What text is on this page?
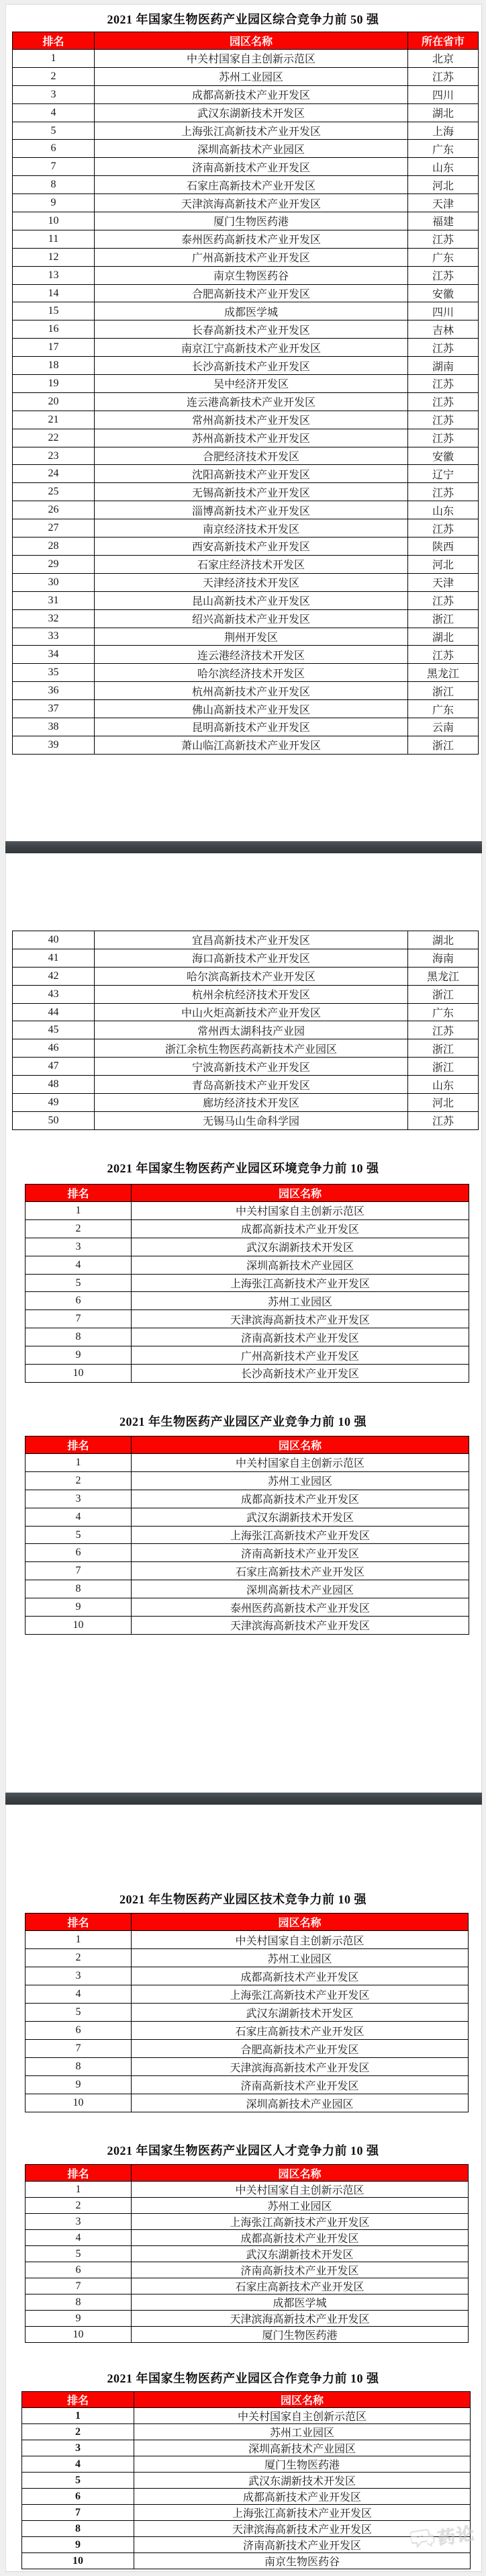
2021 年国家生物医药产业园区综合竞争力前 50 强
排名	园区名称	所在省市
1	中关村国家自主创新示范区	北京
2	苏州工业园区	江苏
3	成都高新技术产业开发区	四川
4	武汉东湖新技术开发区	湖北
5	上海张江高新技术产业开发区	上海
6	深圳高新技术产业园区	广东
7	济南高新技术产业开发区	山东
8	石家庄高新技术产业开发区	河北
9	天津滨海高新技术产业开发区	天津
10	厦门生物医药港	福建
11	泰州医药高新技术产业开发区	江苏
12	广州高新技术产业开发区	广东
13	南京生物医药谷	江苏
14	合肥高新技术产业开发区	安徽
15	成都医学城	四川
16	长春高新技术产业开发区	吉林
17	南京江宁高新技术产业开发区	江苏
18	长沙高新技术产业开发区	湖南
19	吴中经济开发区	江苏
20	连云港高新技术产业开发区	江苏
21	常州高新技术产业开发区	江苏
22	苏州高新技术产业开发区	江苏
23	合肥经济技术开发区	安徽
24	沈阳高新技术产业开发区	辽宁
25	无锡高新技术产业开发区	江苏
26	淄博高新技术产业开发区	山东
27	南京经济技术开发区	江苏
28	西安高新技术产业开发区	陕西
29	石家庄经济技术开发区	河北
30	天津经济技术开发区	天津
31	昆山高新技术产业开发区	江苏
32	绍兴高新技术产业开发区	浙江
33	荆州开发区	湖北
34	连云港经济技术开发区	江苏
35	哈尔滨经济技术开发区	黑龙江
36	杭州高新技术产业开发区	浙江
37	佛山高新技术产业开发区	广东
38	昆明高新技术产业开发区	云南
39	萧山临江高新技术产业开发区	浙江
40	宜昌高新技术产业开发区	湖北
41	海口高新技术产业开发区	海南
42	哈尔滨高新技术产业开发区	黑龙江
43	杭州余杭经济技术开发区	浙江
44	中山火炬高新技术产业开发区	广东
45	常州西太湖科技产业园	江苏
46	浙江余杭生物医药高新技术产业园区	浙江
47	宁波高新技术产业开发区	浙江
48	青岛高新技术产业开发区	山东
49	廊坊经济技术开发区	河北
50	无锡马山生命科学园	江苏
2021 年国家生物医药产业园区环境竞争力前 10 强
排名	园区名称
1	中关村国家自主创新示范区
2	成都高新技术产业开发区
3	武汉东湖新技术开发区
4	深圳高新技术产业园区
5	上海张江高新技术产业开发区
6	苏州工业园区
7	天津滨海高新技术产业开发区
8	济南高新技术产业开发区
9	广州高新技术产业开发区
10	长沙高新技术产业开发区
2021 年生物医药产业园区产业竞争力前 10 强
排名	园区名称
1	中关村国家自主创新示范区
2	苏州工业园区
3	成都高新技术产业开发区
4	武汉东湖新技术开发区
5	上海张江高新技术产业开发区
6	济南高新技术产业开发区
7	石家庄高新技术产业开发区
8	深圳高新技术产业园区
9	泰州医药高新技术产业开发区
10	天津滨海高新技术产业开发区
2021 年生物医药产业园区技术竞争力前 10 强
排名	园区名称
1	中关村国家自主创新示范区
2	苏州工业园区
3	成都高新技术产业开发区
4	上海张江高新技术产业开发区
5	武汉东湖新技术开发区
6	石家庄高新技术产业开发区
7	合肥高新技术产业开发区
8	天津滨海高新技术产业开发区
9	济南高新技术产业开发区
10	深圳高新技术产业园区
2021 年国家生物医药产业园区人才竞争力前 10 强
排名	园区名称
1	中关村国家自主创新示范区
2	苏州工业园区
3	上海张江高新技术产业开发区
4	成都高新技术产业开发区
5	武汉东湖新技术开发区
6	济南高新技术产业开发区
7	石家庄高新技术产业开发区
8	成都医学城
9	天津滨海高新技术产业开发区
10	厦门生物医药港
2021 年国家生物医药产业园区合作竞争力前 10 强
排名	园区名称
1	中关村国家自主创新示范区
2	苏州工业园区
3	深圳高新技术产业园区
4	厦门生物医药港
5	武汉东湖新技术开发区
6	成都高新技术产业开发区
7	上海张江高新技术产业开发区
8	天津滨海高新技术产业开发区
9	济南高新技术产业开发区
10	南京生物医药谷
药论
